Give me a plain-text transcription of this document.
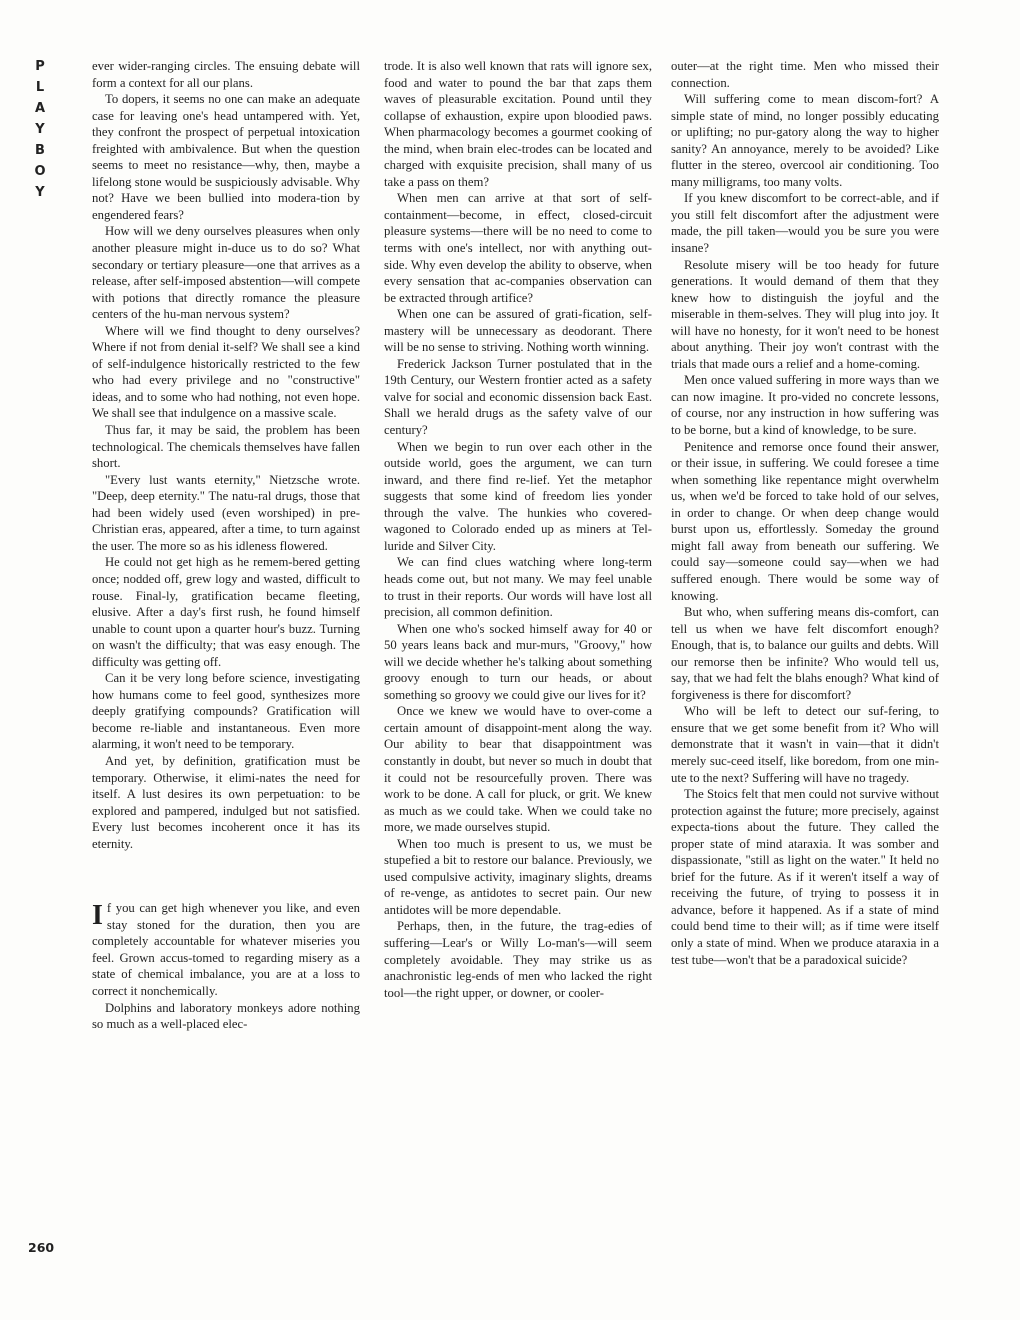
P
L
A
Y
B
O
Y
260

ever wider-ranging circles. The ensuing debate will form a context for all our plans.

To dopers, it seems no one can make an adequate case for leaving one's head untampered with. Yet, they confront the prospect of perpetual intoxication freighted with ambivalence. But when the question seems to meet no resistance—why, then, maybe a lifelong stone would be suspiciously advisable. Why not? Have we been bullied into modera-tion by engendered fears?

How will we deny ourselves pleasures when only another pleasure might in-duce us to do so? What secondary or tertiary pleasure—one that arrives as a release, after self-imposed abstention—will compete with potions that directly romance the pleasure centers of the hu-man nervous system?

Where will we find thought to deny ourselves? Where if not from denial it-self? We shall see a kind of self-indulgence historically restricted to the few who had every privilege and no "constructive" ideas, and to some who had nothing, not even hope. We shall see that indulgence on a massive scale.

Thus far, it may be said, the problem has been technological. The chemicals themselves have fallen short.

"Every lust wants eternity," Nietzsche wrote. "Deep, deep eternity." The natu-ral drugs, those that had been widely used (even worshiped) in pre-Christian eras, appeared, after a time, to turn against the user. The more so as his idleness flowered.

He could not get high as he remem-bered getting once; nodded off, grew logy and wasted, difficult to rouse. Final-ly, gratification became fleeting, elusive. After a day's first rush, he found himself unable to count upon a quarter hour's buzz. Turning on wasn't the difficulty; that was easy enough. The difficulty was getting off.

Can it be very long before science, investigating how humans come to feel good, synthesizes more deeply gratifying compounds? Gratification will become re-liable and instantaneous. Even more alarming, it won't need to be temporary.

And yet, by definition, gratification must be temporary. Otherwise, it elimi-nates the need for itself. A lust desires its own perpetuation: to be explored and pampered, indulged but not satisfied. Every lust becomes incoherent once it has its eternity.

If you can get high whenever you like, and even stay stoned for the duration, then you are completely accountable for whatever miseries you feel. Grown accus-tomed to regarding misery as a state of chemical imbalance, you are at a loss to correct it nonchemically.

Dolphins and laboratory monkeys adore nothing so much as a well-placed elec-

trode. It is also well known that rats will ignore sex, food and water to pound the bar that zaps them waves of pleasurable excitation. Pound until they collapse of exhaustion, expire upon bloodied paws. When pharmacology becomes a gourmet cooking of the mind, when brain elec-trodes can be located and charged with exquisite precision, shall many of us take a pass on them?

When men can arrive at that sort of self-containment—become, in effect, closed-circuit pleasure systems—there will be no need to come to terms with one's intellect, nor with anything out-side. Why even develop the ability to observe, when every sensation that ac-companies observation can be extracted through artifice?

When one can be assured of grati-fication, self-mastery will be unnecessary as deodorant. There will be no sense to striving. Nothing worth winning.

Frederick Jackson Turner postulated that in the 19th Century, our Western frontier acted as a safety valve for social and economic dissension back East. Shall we herald drugs as the safety valve of our century?

When we begin to run over each other in the outside world, goes the argument, we can turn inward, and there find re-lief. Yet the metaphor suggests that some kind of freedom lies yonder through the valve. The hunkies who covered-wagoned to Colorado ended up as miners at Tel-luride and Silver City.

We can find clues watching where long-term heads come out, but not many. We may feel unable to trust in their reports. Our words will have lost all precision, all common definition.

When one who's socked himself away for 40 or 50 years leans back and mur-murs, "Groovy," how will we decide whether he's talking about something groovy enough to turn our heads, or about something so groovy we could give our lives for it?

Once we knew we would have to over-come a certain amount of disappoint-ment along the way. Our ability to bear that disappointment was constantly in doubt, but never so much in doubt that it could not be resourcefully proven. There was work to be done. A call for pluck, or grit. We knew as much as we could take. When we could take no more, we made ourselves stupid.

When too much is present to us, we must be stupefied a bit to restore our balance. Previously, we used compulsive activity, imaginary slights, dreams of re-venge, as antidotes to secret pain. Our new antidotes will be more dependable.

Perhaps, then, in the future, the trag-edies of suffering—Lear's or Willy Lo-man's—will seem completely avoidable. They may strike us as anachronistic leg-ends of men who lacked the right tool—the right upper, or downer, or cooler-

outer—at the right time. Men who missed their connection.

Will suffering come to mean discom-fort? A simple state of mind, no longer possibly educating or uplifting; no pur-gatory along the way to higher sanity? An annoyance, merely to be avoided? Like flutter in the stereo, overcool air conditioning. Too many milligrams, too many volts.

If you knew discomfort to be correct-able, and if you still felt discomfort after the adjustment were made, the pill taken—would you be sure you were insane?

Resolute misery will be too heady for future generations. It would demand of them that they knew how to distinguish the joyful and the miserable in them-selves. They will plug into joy. It will have no honesty, for it won't need to be honest about anything. Their joy won't contrast with the trials that made ours a relief and a home-coming.

Men once valued suffering in more ways than we can now imagine. It pro-vided no concrete lessons, of course, nor any instruction in how suffering was to be borne, but a kind of knowledge, to be sure.

Penitence and remorse once found their answer, or their issue, in suffering. We could foresee a time when something like repentance might overwhelm us, when we'd be forced to take hold of our selves, in order to change. Or when deep change would burst upon us, effortlessly. Someday the ground might fall away from beneath our suffering. We could say—someone could say—when we had suffered enough. There would be some way of knowing.

But who, when suffering means dis-comfort, can tell us when we have felt discomfort enough? Enough, that is, to balance our guilts and debts. Will our remorse then be infinite? Who would tell us, say, that we had felt the blahs enough? What kind of forgiveness is there for discomfort?

Who will be left to detect our suf-fering, to ensure that we get some benefit from it? Who will demonstrate that it wasn't in vain—that it didn't merely suc-ceed itself, like boredom, from one min-ute to the next? Suffering will have no tragedy.

The Stoics felt that men could not survive without protection against the future; more precisely, against expecta-tions about the future. They called the proper state of mind ataraxia. It was somber and dispassionate, "still as light on the water." It held no brief for the future. As if it weren't itself a way of receiving the future, of trying to possess it in advance, before it happened. As if a state of mind could bend time to their will; as if time were itself only a state of mind. When we produce ataraxia in a test tube—won't that be a paradoxical suicide?
